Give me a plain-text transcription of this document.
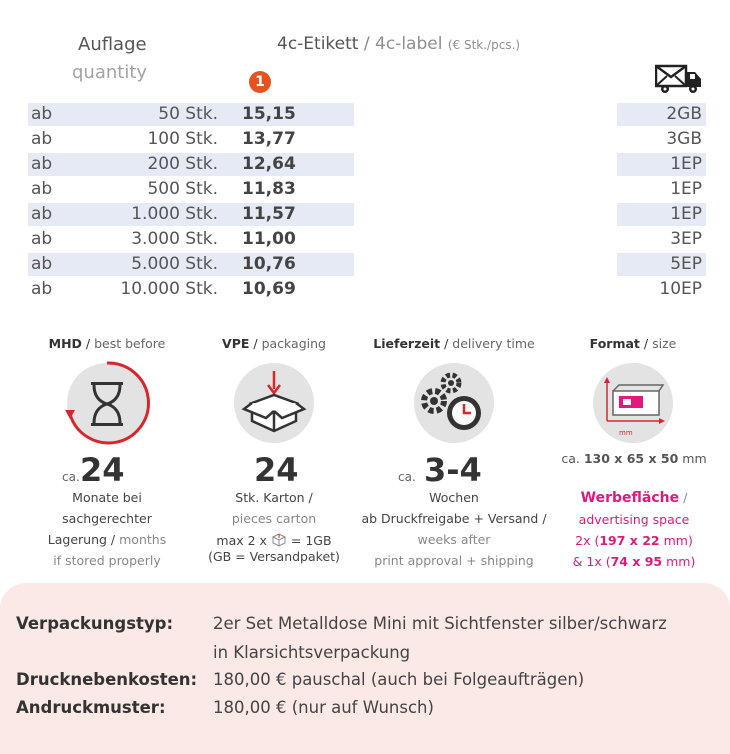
Auflage
quantity
4c-Etikett / 4c-label (€ Stk./pcs.)
1
ab	50 Stk. 15,15	2GB
ab	100 Stk. 13,77	3GB
ab	200 Stk. 12,64	1EP
ab	500 Stk. 11,83	1EP
ab	1.000 Stk. 11,57	1EP
ab	3.000 Stk. 11,00	3EP
ab	5.000 Stk. 10,76	5EP
ab	10.000 Stk. 10,69	10EP
MHD / best before
ca. 24
Monate bei
sachgerechter
Lagerung / months
if stored properly
VPE / packaging
24
Stk. Karton /
pieces carton
max 2 x = 1GB
(GB = Versandpaket)
Lieferzeit / delivery time
ca. 3-4
Wochen
ab Druckfreigabe + Versand /
weeks after
print approval + shipping
Format / size
mm
ca. 130 x 65 x 50 mm
Werbefläche /
advertising space
2x (197 x 22 mm)
& 1x (74 x 95 mm)
Verpackungstyp: 2er Set Metalldose Mini mit Sichtfenster silber/schwarz
in Klarsichtsverpackung
Drucknebenkosten: 180,00 € pauschal (auch bei Folgeaufträgen)
Andruckmuster:	180,00 € (nur auf Wunsch)
